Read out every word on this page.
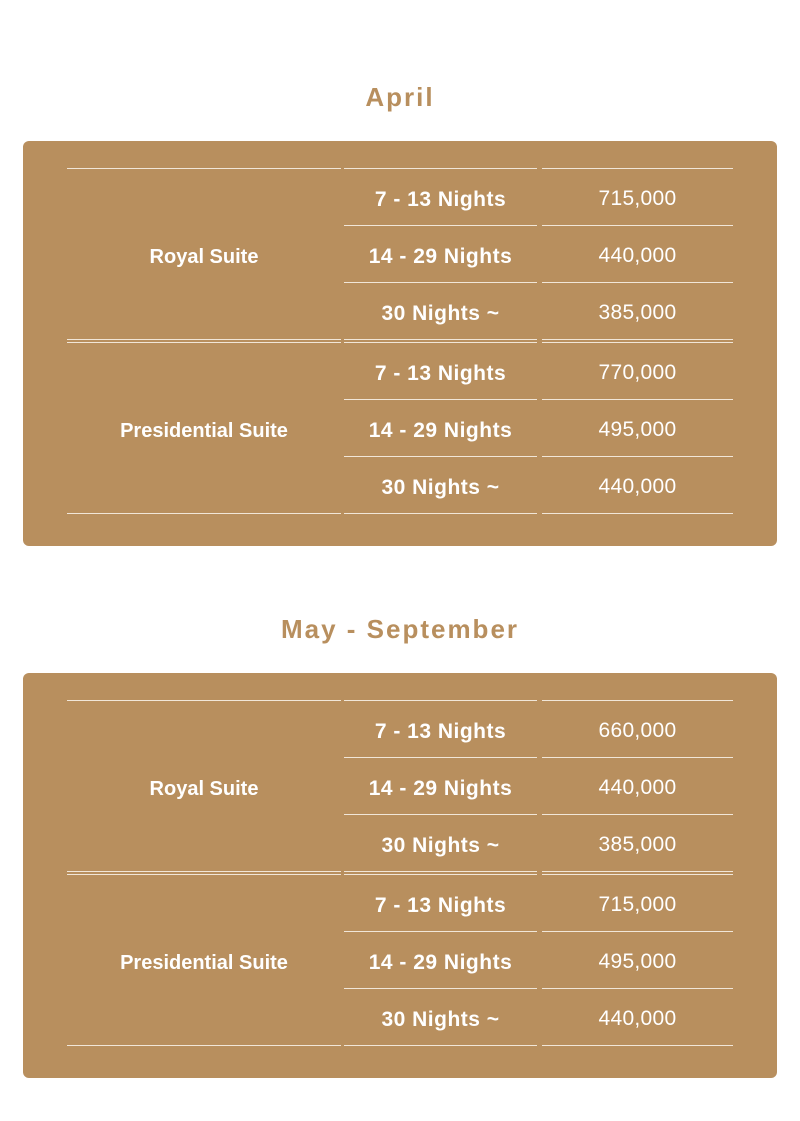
April
Royal Suite
7 - 13 Nights	715,000
14 - 29 Nights	440,000
30 Nights ~	385,000
Presidential Suite
7 - 13 Nights	770,000
14 - 29 Nights	495,000
30 Nights ~	440,000
May - September
Royal Suite
7 - 13 Nights	660,000
14 - 29 Nights	440,000
30 Nights ~	385,000
Presidential Suite
7 - 13 Nights	715,000
14 - 29 Nights	495,000
30 Nights ~	440,000
